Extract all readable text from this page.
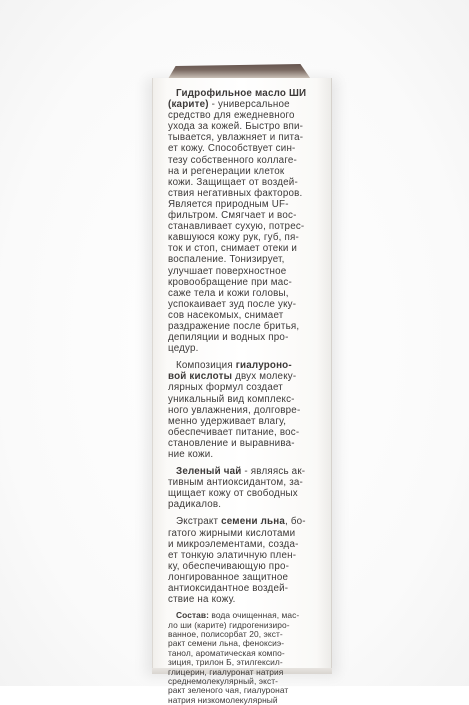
Гидрофильное масло ШИ
(карите) - универсальное
средство для ежедневного
ухода за кожей. Быстро впи-
тывается, увлажняет и пита-
ет кожу. Способствует син-
тезу собственного коллаге-
на и регенерации клеток
кожи. Защищает от воздей-
ствия негативных факторов.
Является природным UF-
фильтром. Смягчает и вос-
станавливает сухую, потрес-
кавшуюся кожу рук, губ, пя-
ток и стоп, снимает отеки и
воспаление. Тонизирует,
улучшает поверхностное
кровообращение при мас-
саже тела и кожи головы,
успокаивает зуд после уку-
сов насекомых, снимает
раздражение после бритья,
депиляции и водных про-
цедур.
Композиция гиалуроно-
вой кислоты двух молеку-
лярных формул создает
уникальный вид комплекс-
ного увлажнения, долговре-
менно удерживает влагу,
обеспечивает питание, вос-
становление и выравнива-
ние кожи.
Зеленый чай - являясь ак-
тивным антиоксидантом, за-
щищает кожу от свободных
радикалов.
Экстракт семени льна, бо-
гатого жирными кислотами
и микроэлементами, созда-
ет тонкую элатичную плен-
ку, обеспечивающую про-
лонгированное защитное
антиоксидантное воздей-
ствие на кожу.
Состав: вода очищенная, мас-
ло ши (карите) гидрогенизиро-
ванное, полисорбат 20, экст-
ракт семени льна, феноксиэ-
танол, ароматическая компо-
зиция, трилон Б, этилгексил-
глицерин, гиалуронат натрия
среднемолекулярный, экст-
ракт зеленого чая, гиалуронат
натрия низкомолекулярный
